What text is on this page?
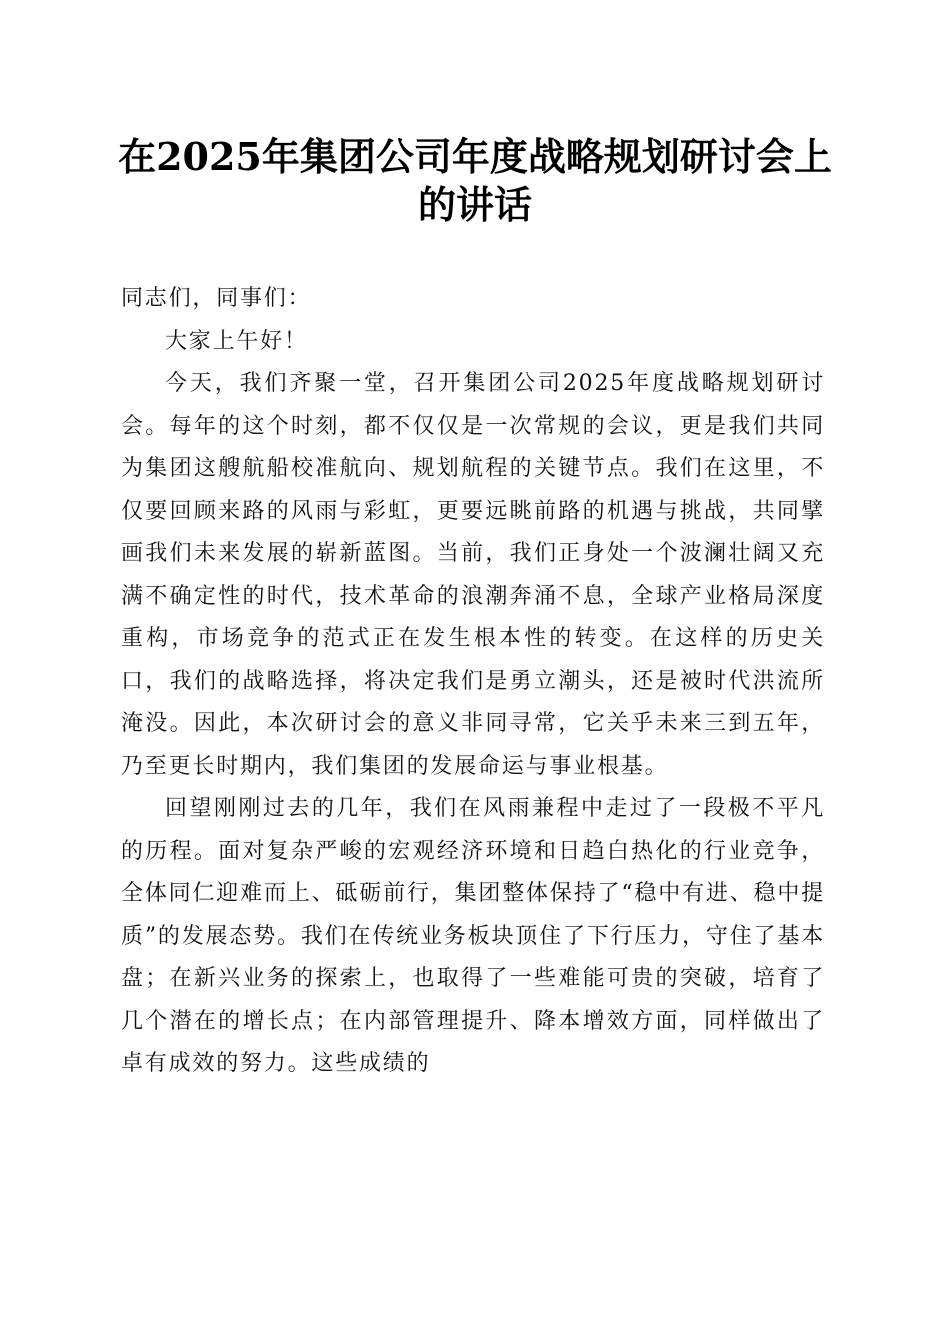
在2025年集团公司年度战略规划研讨会上的讲话

同志们，同事们：

大家上午好！

今天，我们齐聚一堂，召开集团公司2025年度战略规划研讨会。每年的这个时刻，都不仅仅是一次常规的会议，更是我们共同为集团这艘航船校准航向、规划航程的关键节点。我们在这里，不仅要回顾来路的风雨与彩虹，更要远眺前路的机遇与挑战，共同擘画我们未来发展的崭新蓝图。当前，我们正身处一个波澜壮阔又充满不确定性的时代，技术革命的浪潮奔涌不息，全球产业格局深度重构，市场竞争的范式正在发生根本性的转变。在这样的历史关口，我们的战略选择，将决定我们是勇立潮头，还是被时代洪流所淹没。因此，本次研讨会的意义非同寻常，它关乎未来三到五年，乃至更长时期内，我们集团的发展命运与事业根基。

回望刚刚过去的几年，我们在风雨兼程中走过了一段极不平凡的历程。面对复杂严峻的宏观经济环境和日趋白热化的行业竞争，全体同仁迎难而上、砥砺前行，集团整体保持了“稳中有进、稳中提质”的发展态势。我们在传统业务板块顶住了下行压力，守住了基本盘；在新兴业务的探索上，也取得了一些难能可贵的突破，培育了几个潜在的增长点；在内部管理提升、降本增效方面，同样做出了卓有成效的努力。这些成绩的
